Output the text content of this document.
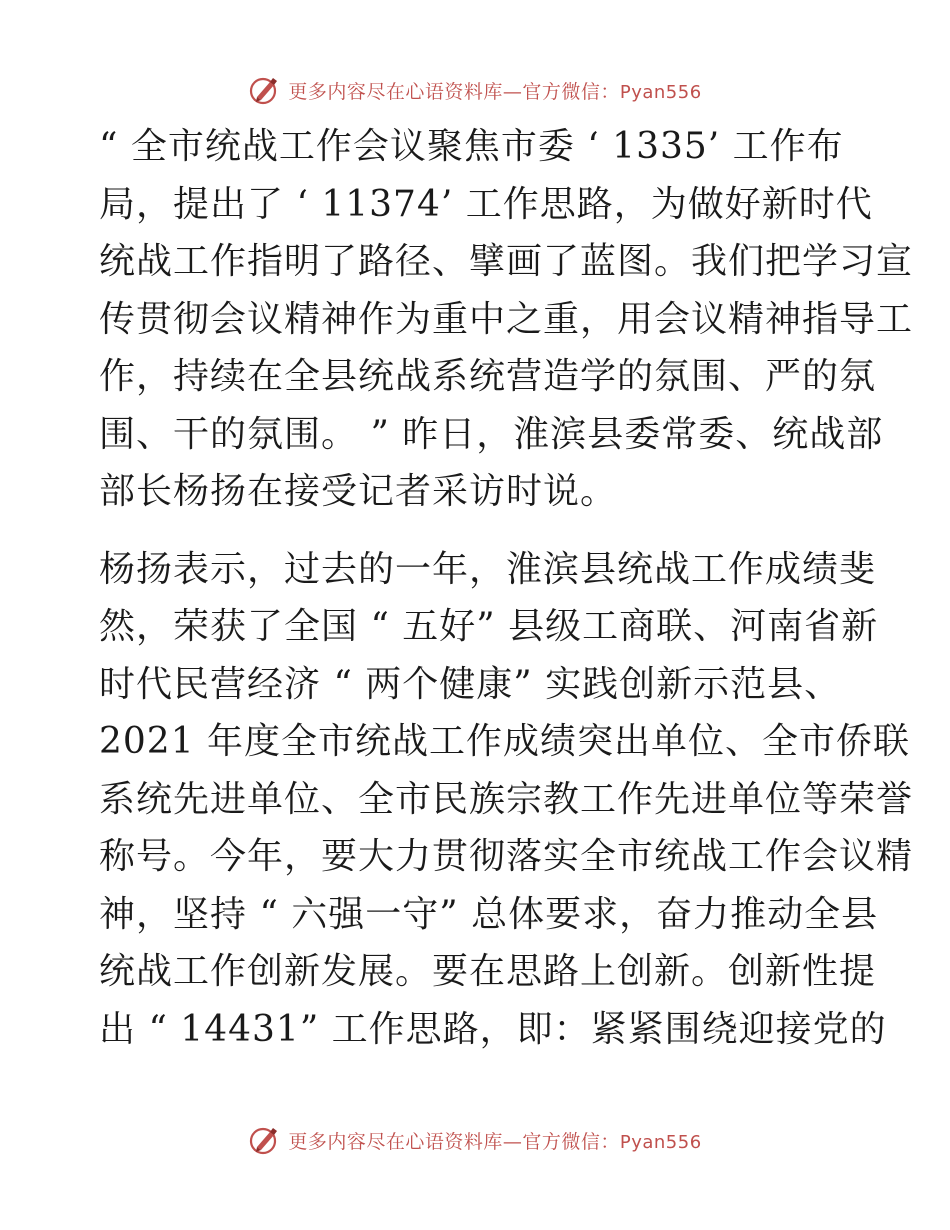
更多内容尽在心语资料库—官方微信：Pyan556
“ 全市统战工作会议聚焦市委 ‘ 1335’ 工作布
局，提出了 ‘ 11374’ 工作思路，为做好新时代
统战工作指明了路径、擘画了蓝图。我们把学习宣
传贯彻会议精神作为重中之重，用会议精神指导工
作，持续在全县统战系统营造学的氛围、严的氛
围、干的氛围。 ” 昨日，淮滨县委常委、统战部
部长杨扬在接受记者采访时说。
杨扬表示，过去的一年，淮滨县统战工作成绩斐
然，荣获了全国 “ 五好” 县级工商联、河南省新
时代民营经济 “ 两个健康” 实践创新示范县、
2021 年度全市统战工作成绩突出单位、全市侨联
系统先进单位、全市民族宗教工作先进单位等荣誉
称号。今年，要大力贯彻落实全市统战工作会议精
神，坚持 “ 六强一守” 总体要求，奋力推动全县
统战工作创新发展。要在思路上创新。创新性提
出 “ 14431” 工作思路，即：紧紧围绕迎接党的
更多内容尽在心语资料库—官方微信：Pyan556
